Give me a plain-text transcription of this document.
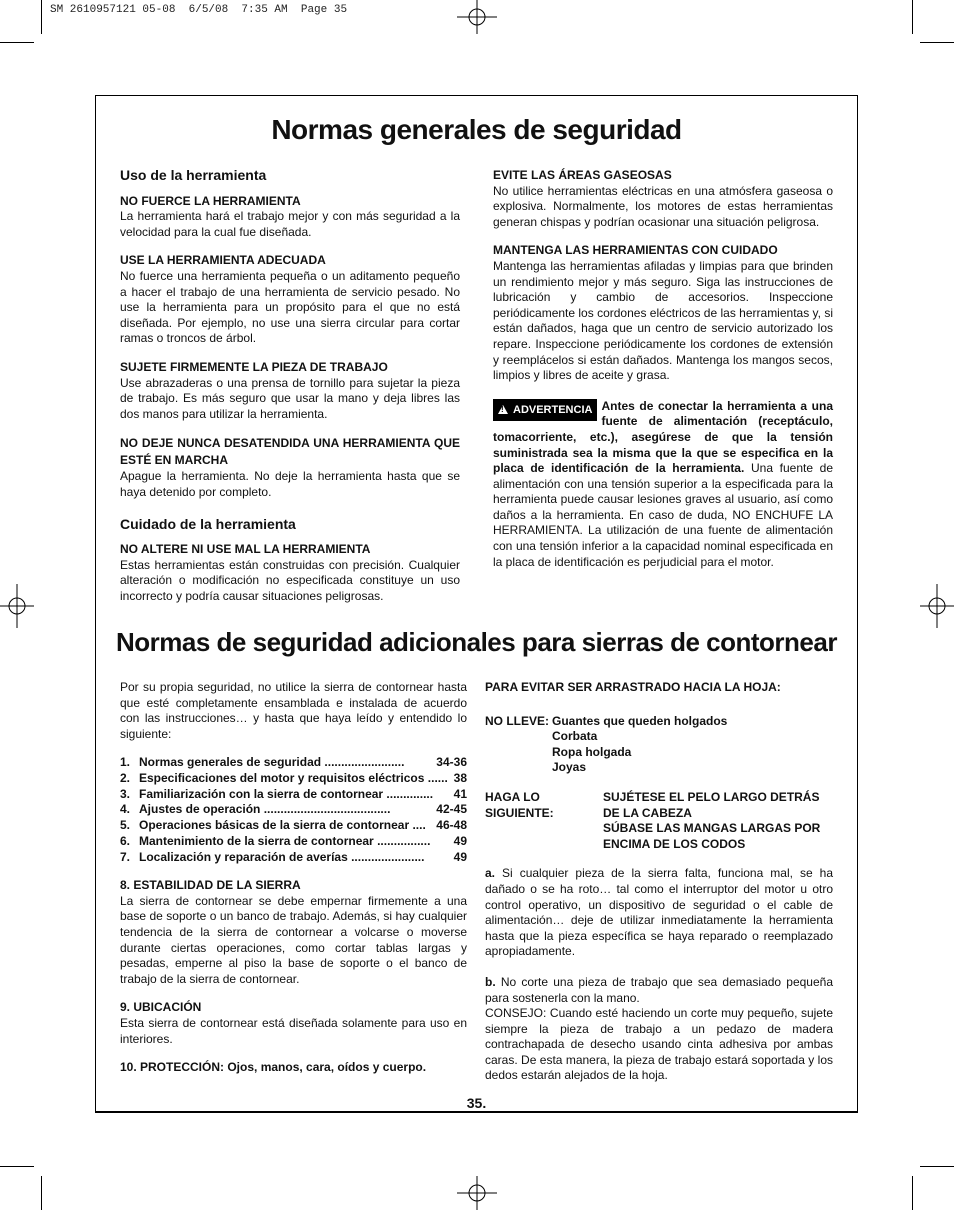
SM 2610957121 05-08  6/5/08  7:35 AM  Page 35
Normas generales de seguridad

Uso de la herramienta

NO FUERCE LA HERRAMIENTA

La herramienta hará el trabajo mejor y con más seguridad a la velocidad para la cual fue diseñada.

USE LA HERRAMIENTA ADECUADA

No fuerce una herramienta pequeña o un aditamento pequeño a hacer el trabajo de una herramienta de servicio pesado. No use la herramienta para un propósito para el que no está diseñada. Por ejemplo, no use una sierra circular para cortar ramas o troncos de árbol.

SUJETE FIRMEMENTE LA PIEZA DE TRABAJO

Use abrazaderas o una prensa de tornillo para sujetar la pieza de trabajo. Es más seguro que usar la mano y deja libres las dos manos para utilizar la herramienta.

NO DEJE NUNCA DESATENDIDA UNA HERRAMIENTA QUE ESTÉ EN MARCHA

Apague la herramienta. No deje la herramienta hasta que se haya detenido por completo.

Cuidado de la herramienta

NO ALTERE NI USE MAL LA HERRAMIENTA

Estas herramientas están construidas con precisión. Cualquier alteración o modificación no especificada constituye un uso incorrecto y podría causar situaciones peligrosas.

EVITE LAS ÁREAS GASEOSAS

No utilice herramientas eléctricas en una atmósfera gaseosa o explosiva. Normalmente, los motores de estas herramientas generan chispas y podrían ocasionar una situación peligrosa.

MANTENGA LAS HERRAMIENTAS CON CUIDADO

Mantenga las herramientas afiladas y limpias para que brinden un rendimiento mejor y más seguro. Siga las instrucciones de lubricación y cambio de accesorios. Inspeccione periódicamente los cordones eléctricos de las herramientas y, si están dañados, haga que un centro de servicio autorizado los repare. Inspeccione periódicamente los cordones de extensión y reemplácelos si están dañados. Mantenga los mangos secos, limpios y libres de aceite y grasa.

!ADVERTENCIA Antes de conectar la herramienta a una fuente de alimentación (receptáculo, tomacorriente, etc.), asegúrese de que la tensión suministrada sea la misma que la que se especifica en la placa de identificación de la herramienta. Una fuente de alimentación con una tensión superior a la especificada para la herramienta puede causar lesiones graves al usuario, así como daños a la herramienta. En caso de duda, NO ENCHUFE LA HERRAMIENTA. La utilización de una fuente de alimentación con una tensión inferior a la capacidad nominal especificada en la placa de identificación es perjudicial para el motor.

Normas de seguridad adicionales para sierras de contornear

Por su propia seguridad, no utilice la sierra de contornear hasta que esté completamente ensamblada e instalada de acuerdo con las instrucciones… y hasta que haya leído y entendido lo siguiente:

1. Normas generales de seguridad ........................	34-36
2. Especificaciones del motor y requisitos eléctricos ...... 38
3. Familiarización con la sierra de contornear ..............	41
4. Ajustes de operación ......................................	42-45
5. Operaciones básicas de la sierra de contornear .... 46-48
6. Mantenimiento de la sierra de contornear ................	49
7. Localización y reparación de averías ......................	49

8. ESTABILIDAD DE LA SIERRA

La sierra de contornear se debe empernar firmemente a una base de soporte o un banco de trabajo. Además, si hay cualquier tendencia de la sierra de contornear a volcarse o moverse durante ciertas operaciones, como cortar tablas largas y pesadas, emperne al piso la base de soporte o el banco de trabajo de la sierra de contornear.

9. UBICACIÓN

Esta sierra de contornear está diseñada solamente para uso en interiores.

10. PROTECCIÓN: Ojos, manos, cara, oídos y cuerpo.

PARA EVITAR SER ARRASTRADO HACIA LA HOJA:

NO LLEVE: Guantes que queden holgados
Corbata
Ropa holgada
Joyas
HAGA LO SIGUIENTE:
SUJÉTESE EL PELO LARGO DETRÁS
DE LA CABEZA
SÚBASE LAS MANGAS LARGAS POR
ENCIMA DE LOS CODOS

a. Si cualquier pieza de la sierra falta, funciona mal, se ha dañado o se ha roto… tal como el interruptor del motor u otro control operativo, un dispositivo de seguridad o el cable de alimentación… deje de utilizar inmediatamente la herramienta hasta que la pieza específica se haya reparado o reemplazado apropiadamente.

b. No corte una pieza de trabajo que sea demasiado pequeña para sostenerla con la mano.

CONSEJO: Cuando esté haciendo un corte muy pequeño, sujete siempre la pieza de trabajo a un pedazo de madera contrachapada de desecho usando cinta adhesiva por ambas caras. De esta manera, la pieza de trabajo estará soportada y los dedos estarán alejados de la hoja.

35.
